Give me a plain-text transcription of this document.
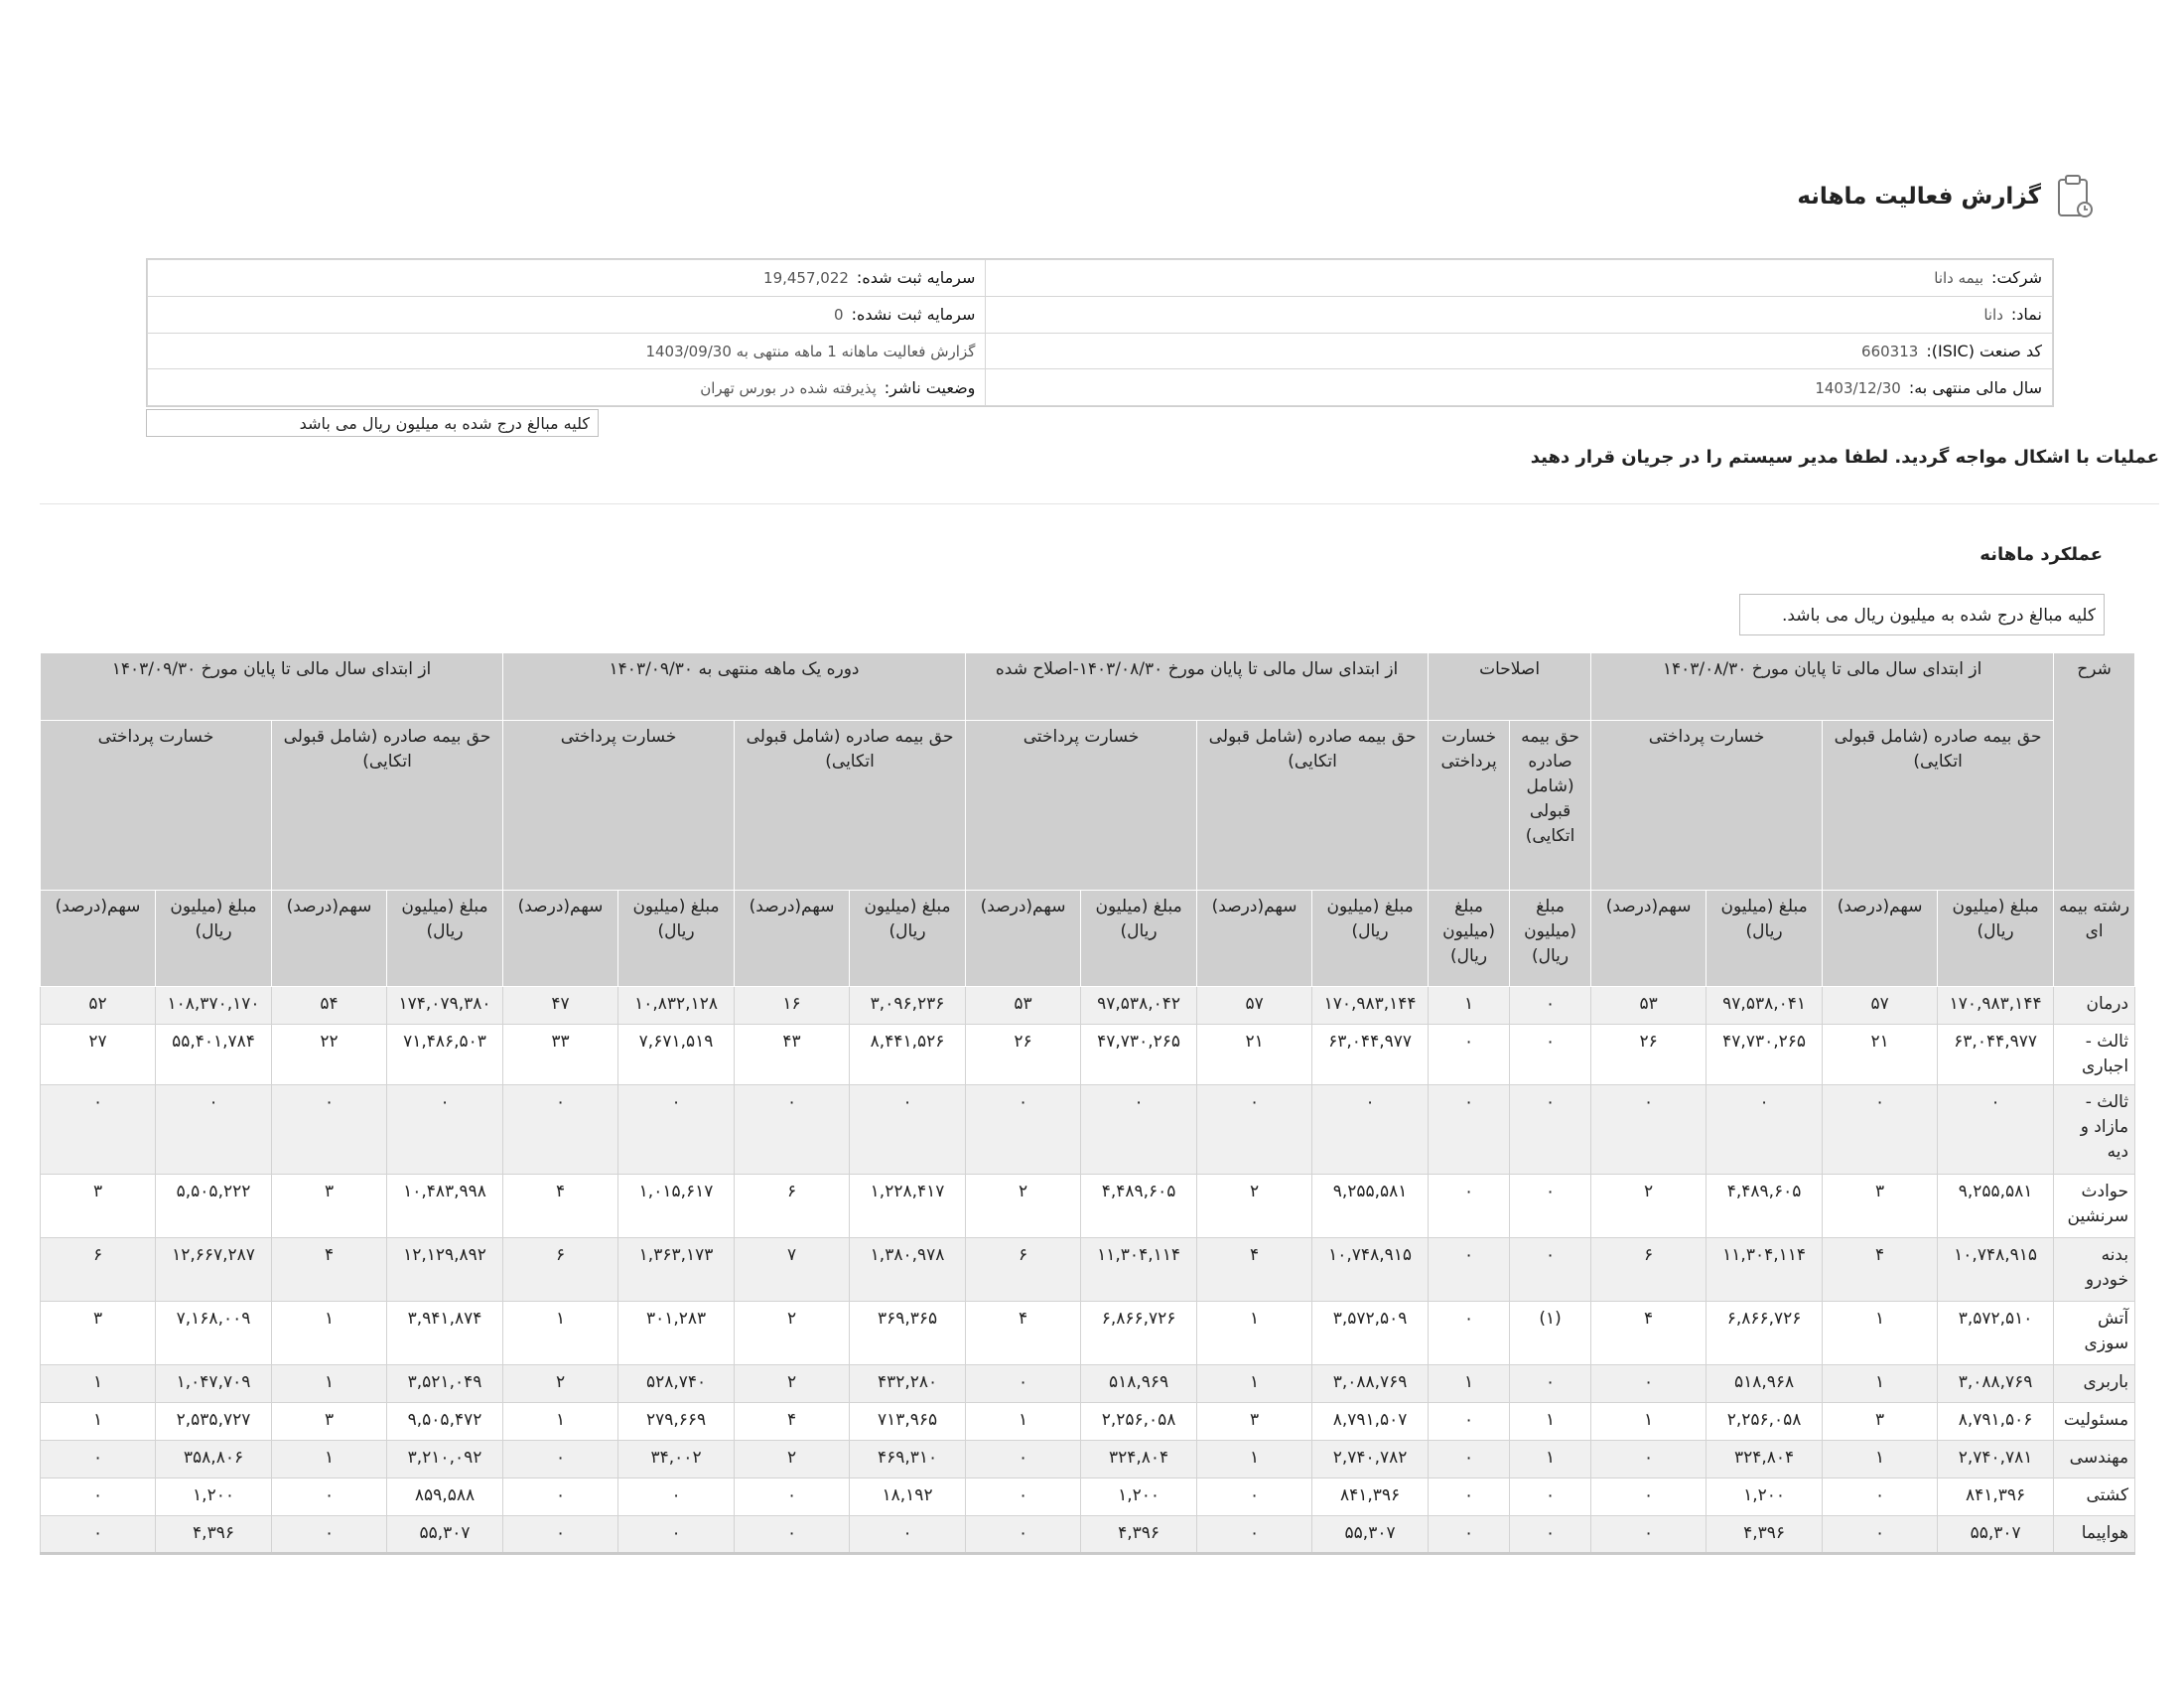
گزارش فعالیت ماهانه
شرکت:بیمه دانا	سرمایه ثبت شده:19,457,022
نماد:دانا	سرمایه ثبت نشده:0
کد صنعت (ISIC):660313	گزارش فعالیت ماهانه 1 ماهه منتهی به 1403/09/30
سال مالی منتهی به:1403/12/30	وضعیت ناشر:پذیرفته شده در بورس تهران
کلیه مبالغ درج شده به میلیون ریال می باشد
عملیات با اشکال مواجه گردید. لطفا مدیر سیستم را در جریان قرار دهید
عملکرد ماهانه
کلیه مبالغ درج شده به میلیون ریال می باشد.
شرح	از ابتدای سال مالی تا پایان مورخ ۱۴۰۳/۰۸/۳۰				اصلاحات		از ابتدای سال مالی تا پایان مورخ ۱۴۰۳/۰۸/۳۰-اصلاح شده				دوره یک ماهه منتهی به ۱۴۰۳/۰۹/۳۰				از ابتدای سال مالی تا پایان مورخ ۱۴۰۳/۰۹/۳۰			
	حق بیمه صادره (شامل قبولی اتکایی)		خسارت پرداختی		حق بیمه صادره (شامل قبولی اتکایی)	خسارت پرداختی	حق بیمه صادره (شامل قبولی اتکایی)		خسارت پرداختی		حق بیمه صادره (شامل قبولی اتکایی)		خسارت پرداختی		حق بیمه صادره (شامل قبولی اتکایی)		خسارت پرداختی	
رشته بیمه ای	مبلغ (میلیون ریال)	سهم(درصد)	مبلغ (میلیون ریال)	سهم(درصد)	مبلغ (میلیون ریال)	مبلغ (میلیون ریال)	مبلغ (میلیون ریال)	سهم(درصد)	مبلغ (میلیون ریال)	سهم(درصد)	مبلغ (میلیون ریال)	سهم(درصد)	مبلغ (میلیون ریال)	سهم(درصد)	مبلغ (میلیون ریال)	سهم(درصد)	مبلغ (میلیون ریال)	سهم(درصد)
درمان	۱۷۰,۹۸۳,۱۴۴	۵۷	۹۷,۵۳۸,۰۴۱	۵۳	۰	۱	۱۷۰,۹۸۳,۱۴۴	۵۷	۹۷,۵۳۸,۰۴۲	۵۳	۳,۰۹۶,۲۳۶	۱۶	۱۰,۸۳۲,۱۲۸	۴۷	۱۷۴,۰۷۹,۳۸۰	۵۴	۱۰۸,۳۷۰,۱۷۰	۵۲
ثالث - اجباری	۶۳,۰۴۴,۹۷۷	۲۱	۴۷,۷۳۰,۲۶۵	۲۶	۰	۰	۶۳,۰۴۴,۹۷۷	۲۱	۴۷,۷۳۰,۲۶۵	۲۶	۸,۴۴۱,۵۲۶	۴۳	۷,۶۷۱,۵۱۹	۳۳	۷۱,۴۸۶,۵۰۳	۲۲	۵۵,۴۰۱,۷۸۴	۲۷
ثالث - مازاد و دیه	۰	۰	۰	۰	۰	۰	۰	۰	۰	۰	۰	۰	۰	۰	۰	۰	۰	۰
حوادث سرنشین	۹,۲۵۵,۵۸۱	۳	۴,۴۸۹,۶۰۵	۲	۰	۰	۹,۲۵۵,۵۸۱	۲	۴,۴۸۹,۶۰۵	۲	۱,۲۲۸,۴۱۷	۶	۱,۰۱۵,۶۱۷	۴	۱۰,۴۸۳,۹۹۸	۳	۵,۵۰۵,۲۲۲	۳
بدنه خودرو	۱۰,۷۴۸,۹۱۵	۴	۱۱,۳۰۴,۱۱۴	۶	۰	۰	۱۰,۷۴۸,۹۱۵	۴	۱۱,۳۰۴,۱۱۴	۶	۱,۳۸۰,۹۷۸	۷	۱,۳۶۳,۱۷۳	۶	۱۲,۱۲۹,۸۹۲	۴	۱۲,۶۶۷,۲۸۷	۶
آتش سوزی	۳,۵۷۲,۵۱۰	۱	۶,۸۶۶,۷۲۶	۴	(۱)	۰	۳,۵۷۲,۵۰۹	۱	۶,۸۶۶,۷۲۶	۴	۳۶۹,۳۶۵	۲	۳۰۱,۲۸۳	۱	۳,۹۴۱,۸۷۴	۱	۷,۱۶۸,۰۰۹	۳
باربری	۳,۰۸۸,۷۶۹	۱	۵۱۸,۹۶۸	۰	۰	۱	۳,۰۸۸,۷۶۹	۱	۵۱۸,۹۶۹	۰	۴۳۲,۲۸۰	۲	۵۲۸,۷۴۰	۲	۳,۵۲۱,۰۴۹	۱	۱,۰۴۷,۷۰۹	۱
مسئولیت	۸,۷۹۱,۵۰۶	۳	۲,۲۵۶,۰۵۸	۱	۱	۰	۸,۷۹۱,۵۰۷	۳	۲,۲۵۶,۰۵۸	۱	۷۱۳,۹۶۵	۴	۲۷۹,۶۶۹	۱	۹,۵۰۵,۴۷۲	۳	۲,۵۳۵,۷۲۷	۱
مهندسی	۲,۷۴۰,۷۸۱	۱	۳۲۴,۸۰۴	۰	۱	۰	۲,۷۴۰,۷۸۲	۱	۳۲۴,۸۰۴	۰	۴۶۹,۳۱۰	۲	۳۴,۰۰۲	۰	۳,۲۱۰,۰۹۲	۱	۳۵۸,۸۰۶	۰
کشتی	۸۴۱,۳۹۶	۰	۱,۲۰۰	۰	۰	۰	۸۴۱,۳۹۶	۰	۱,۲۰۰	۰	۱۸,۱۹۲	۰	۰	۰	۸۵۹,۵۸۸	۰	۱,۲۰۰	۰
هواپیما	۵۵,۳۰۷	۰	۴,۳۹۶	۰	۰	۰	۵۵,۳۰۷	۰	۴,۳۹۶	۰	۰	۰	۰	۰	۵۵,۳۰۷	۰	۴,۳۹۶	۰
